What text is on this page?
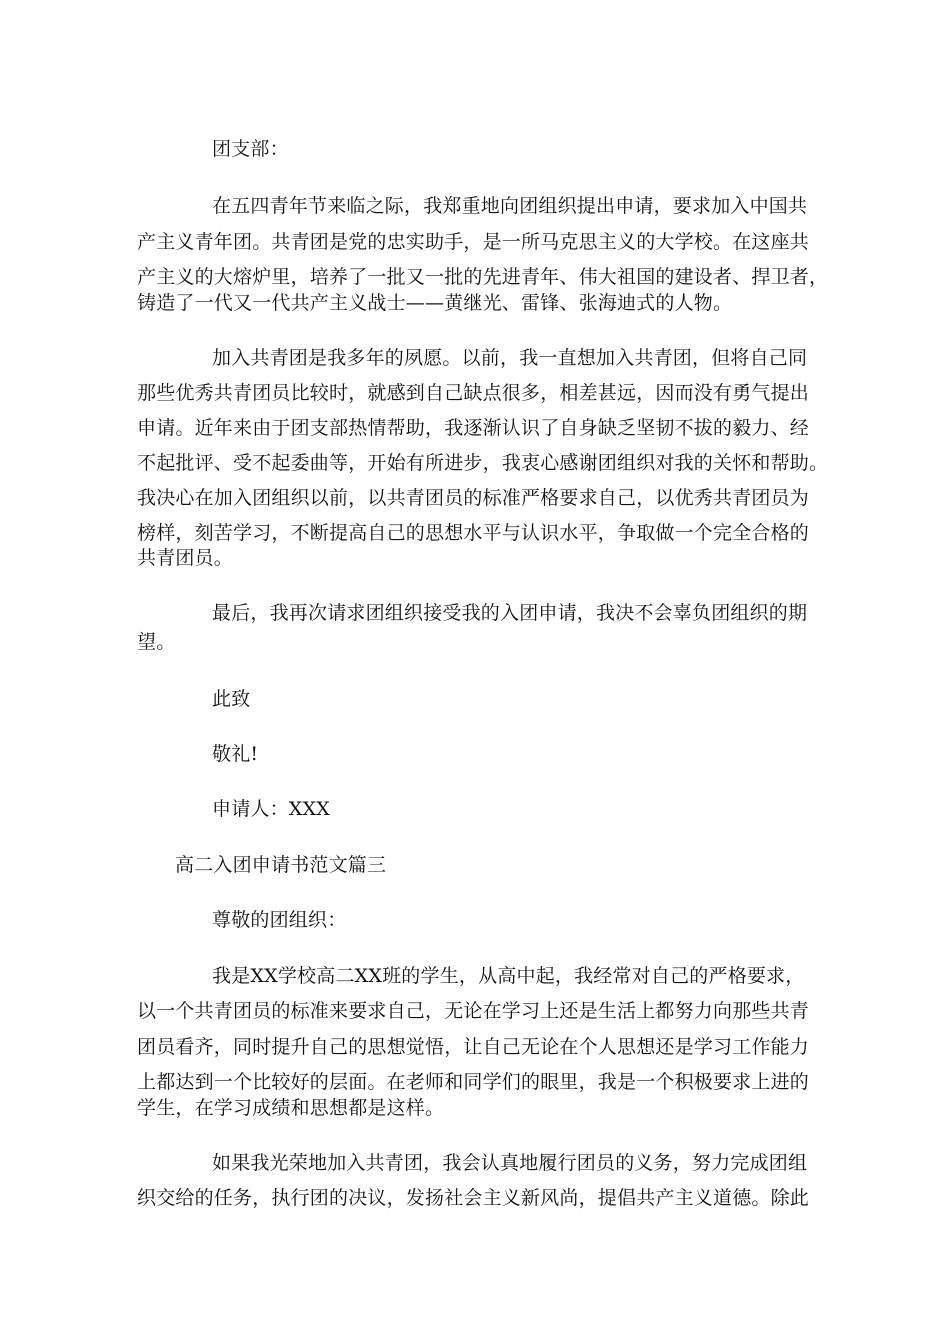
团支部：

在五四青年节来临之际，我郑重地向团组织提出申请，要求加入中国共

产主义青年团。共青团是党的忠实助手，是一所马克思主义的大学校。在这座共

产主义的大熔炉里，培养了一批又一批的先进青年、伟大祖国的建设者、捍卫者，

铸造了一代又一代共产主义战士——黄继光、雷锋、张海迪式的人物。

加入共青团是我多年的夙愿。以前，我一直想加入共青团，但将自己同

那些优秀共青团员比较时，就感到自己缺点很多，相差甚远，因而没有勇气提出

申请。近年来由于团支部热情帮助，我逐渐认识了自身缺乏坚韧不拔的毅力、经

不起批评、受不起委曲等，开始有所进步，我衷心感谢团组织对我的关怀和帮助。

我决心在加入团组织以前，以共青团员的标准严格要求自己，以优秀共青团员为

榜样，刻苦学习，不断提高自己的思想水平与认识水平，争取做一个完全合格的

共青团员。

最后，我再次请求团组织接受我的入团申请，我决不会辜负团组织的期

望。

此致

敬礼!

申请人：XXX

高二入团申请书范文篇三

尊敬的团组织：

我是XX学校高二XX班的学生，从高中起，我经常对自己的严格要求，

以一个共青团员的标准来要求自己，无论在学习上还是生活上都努力向那些共青

团员看齐，同时提升自己的思想觉悟，让自己无论在个人思想还是学习工作能力

上都达到一个比较好的层面。在老师和同学们的眼里，我是一个积极要求上进的

学生，在学习成绩和思想都是这样。

如果我光荣地加入共青团，我会认真地履行团员的义务，努力完成团组

织交给的任务，执行团的决议，发扬社会主义新风尚，提倡共产主义道德。除此
